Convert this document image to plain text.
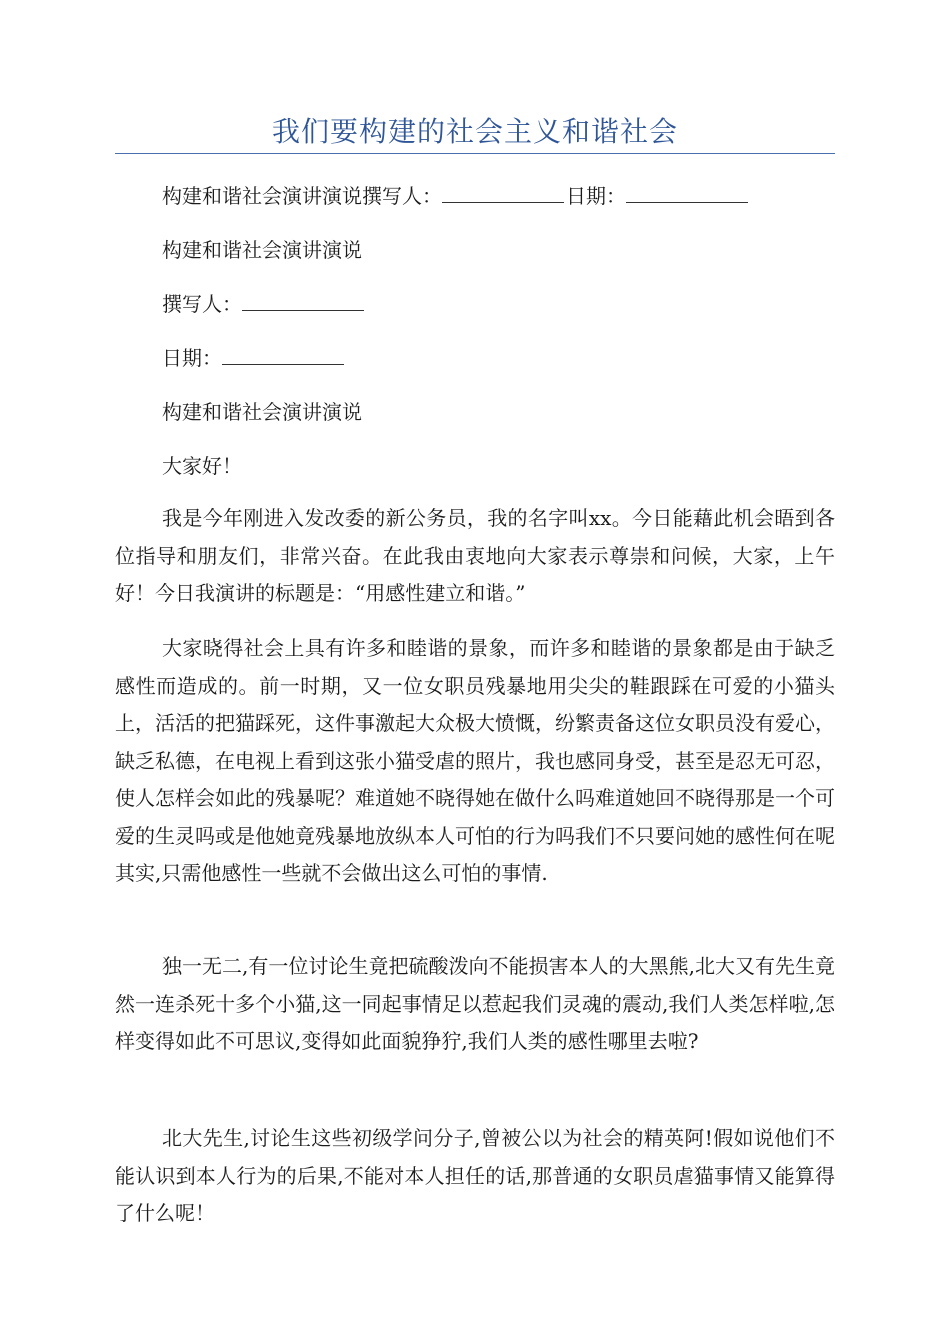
我们要构建的社会主义和谐社会
构建和谐社会演讲演说撰写人：	日期：
构建和谐社会演讲演说
撰写人：
日期：
构建和谐社会演讲演说
大家好！
我是今年刚进入发改委的新公务员，我的名字叫xx。今日能藉此机会晤到各位指导和朋友们，非常兴奋。在此我由衷地向大家表示尊崇和问候，大家，上午好！今日我演讲的标题是：“用感性建立和谐。”
大家晓得社会上具有许多和睦谐的景象，而许多和睦谐的景象都是由于缺乏感性而造成的。前一时期，又一位女职员残暴地用尖尖的鞋跟踩在可爱的小猫头上，活活的把猫踩死，这件事激起大众极大愤慨，纷繁责备这位女职员没有爱心，缺乏私德，在电视上看到这张小猫受虐的照片，我也感同身受，甚至是忍无可忍，使人怎样会如此的残暴呢？难道她不晓得她在做什么吗难道她回不晓得那是一个可爱的生灵吗或是他她竟残暴地放纵本人可怕的行为吗我们不只要问她的感性何在呢其实,只需他感性一些就不会做出这么可怕的事情.
独一无二,有一位讨论生竟把硫酸泼向不能损害本人的大黑熊,北大又有先生竟然一连杀死十多个小猫,这一同起事情足以惹起我们灵魂的震动,我们人类怎样啦,怎样变得如此不可思议,变得如此面貌狰狞,我们人类的感性哪里去啦?
北大先生,讨论生这些初级学问分子,曾被公以为社会的精英阿!假如说他们不能认识到本人行为的后果,不能对本人担任的话,那普通的女职员虐猫事情又能算得了什么呢！
